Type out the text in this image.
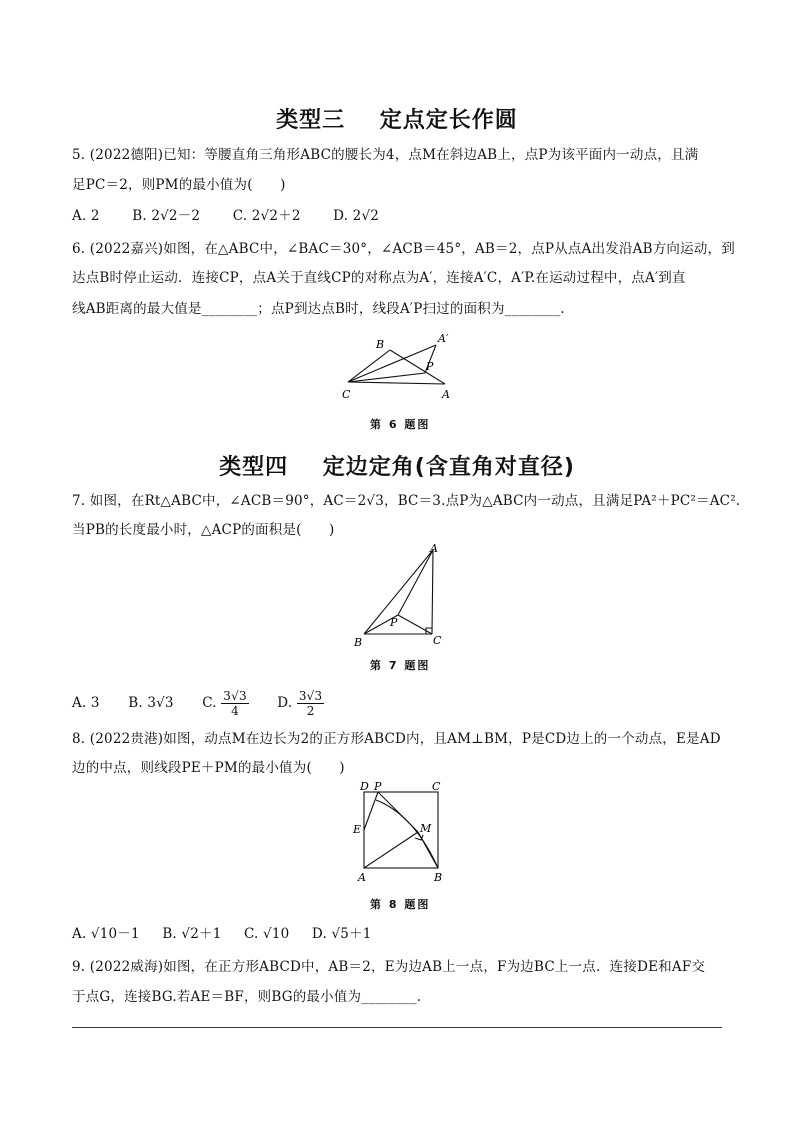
类型三    定点定长作圆
5. (2022德阳)已知：等腰直角三角形ABC的腰长为4，点M在斜边AB上，点P为该平面内一动点，且满
足PC＝2，则PM的最小值为(　　)
A. 2 B. 2√2－2 C. 2√2＋2 D. 2√2
6. (2022嘉兴)如图，在△ABC中，∠BAC＝30°，∠ACB＝45°，AB＝2，点P从点A出发沿AB方向运动，到
达点B时停止运动．连接CP，点A关于直线CP的对称点为A′，连接A′C，A′P.在运动过程中，点A′到直
线AB距离的最大值是________；点P到达点B时，线段A′P扫过的面积为________.
B	A′
P
C	A
第 6 题图
类型四    定边定角(含直角对直径)
7. 如图，在Rt△ABC中，∠ACB＝90°，AC＝2√3，BC＝3.点P为△ABC内一动点，且满足PA²＋PC²＝AC².
当PB的长度最小时，△ACP的面积是(　　)
A
B	C
P
第 7 题图
A. 3 B. 3√3 C. $\frac{3√3}{4} D$. $\frac{3√3}{2}$
8. (2022贵港)如图，动点M在边长为2的正方形ABCD内，且AM⊥BM，P是CD边上的一个动点，E是AD
边的中点，则线段PE＋PM的最小值为(　　)
D P	C
E	M
A	B
第 8 题图
A. √10－1 B. √2＋1 C. √10 D. √5＋1
9. (2022威海)如图，在正方形ABCD中，AB＝2，E为边AB上一点，F为边BC上一点．连接DE和AF交
于点G，连接BG.若AE＝BF，则BG的最小值为________.
